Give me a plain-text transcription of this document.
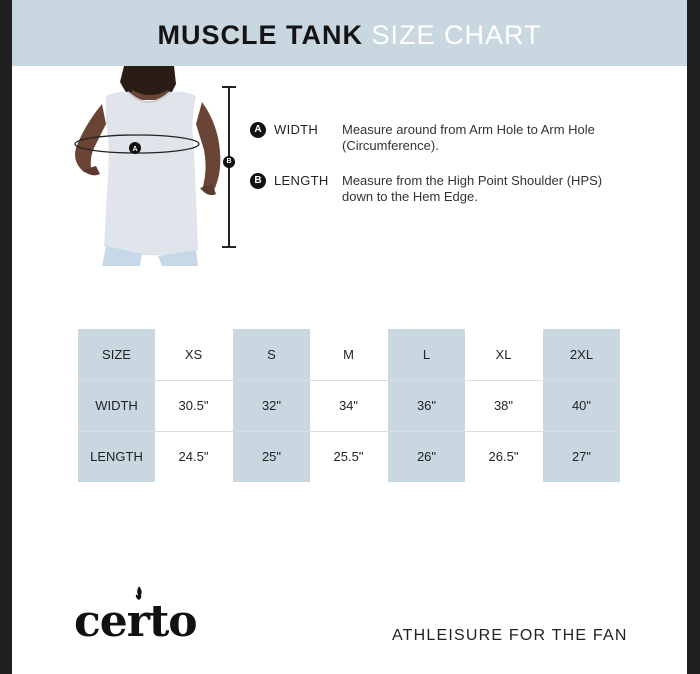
MUSCLE TANK SIZE CHART
A
B
A WIDTH Measure around from Arm Hole to Arm Hole (Circumference).
B LENGTH Measure from the High Point Shoulder (HPS) down to the Hem Edge.
SIZE
WIDTH
LENGTH
XS
30.5"
24.5"
S
32"
25"
M
34"
25.5"
L
36"
26"
XL
38"
26.5"
2XL
40"
27"
certo	ATHLEISURE FOR THE FAN
